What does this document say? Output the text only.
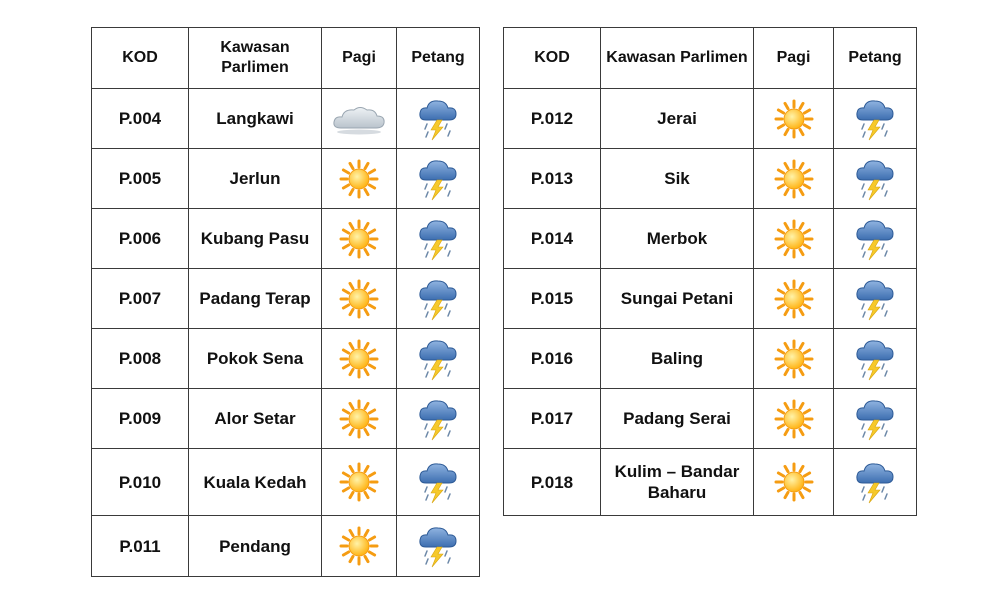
KOD	Kawasan Parlimen	Pagi	Petang
P.004	Langkawi	

P.005	Jerlun	

P.006	Kubang Pasu	

P.007	Padang Terap	

P.008	Pokok Sena	

P.009	Alor Setar	

P.010	Kuala Kedah	

P.011	Pendang	

KOD	Kawasan Parlimen	Pagi	Petang
P.012	Jerai	

P.013	Sik	

P.014	Merbok	

P.015	Sungai Petani	

P.016	Baling	

P.017	Padang Serai	

P.018	Kulim – Bandar Baharu	
